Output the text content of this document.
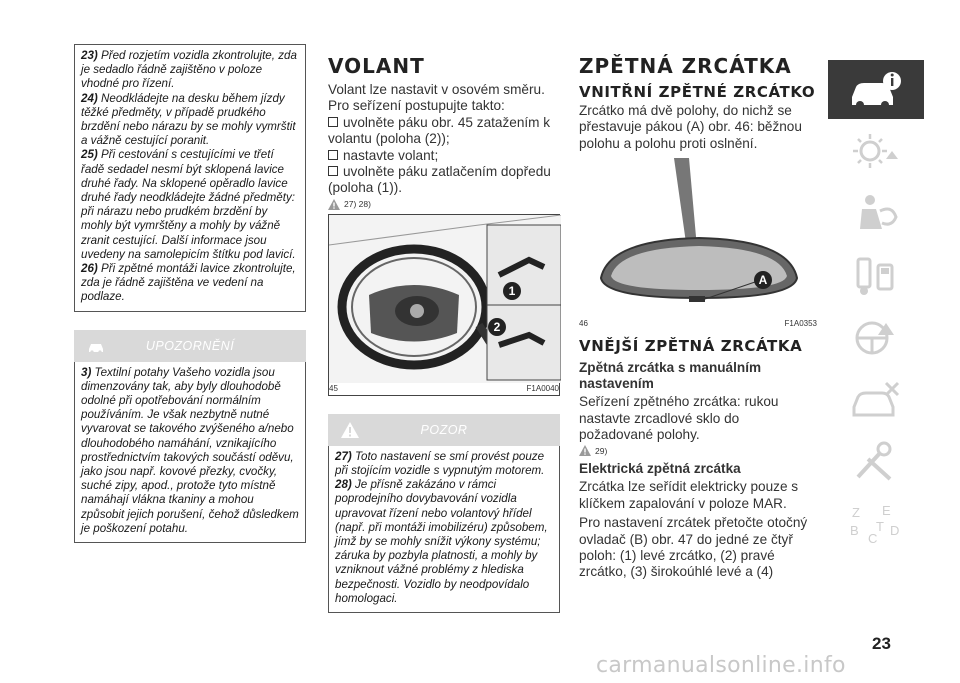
23) Před rozjetím vozidla zkontrolujte, zda je sedadlo řádně zajištěno v poloze vhodné pro řízení.

24) Neodkládejte na desku během jízdy těžké předměty, v případě prudkého brzdění nebo nárazu by se mohly vymrštit a vážně cestující poranit.

25) Při cestování s cestujícími ve třetí řadě sedadel nesmí být sklopená lavice druhé řady. Na sklopené opěradlo lavice druhé řady neodkládejte žádné předměty: při nárazu nebo prudkém brzdění by mohly být vymrštěny a mohly by vážně zranit cestující. Další informace jsou uvedeny na samolepicím štítku pod lavicí.

26) Při zpětné montáži lavice zkontrolujte, zda je řádně zajištěna ve vedení na podlaze.

UPOZORNĚNÍ

3) Textilní potahy Vašeho vozidla jsou dimenzovány tak, aby byly dlouhodobě odolné při opotřebování normálním používáním. Je však nezbytně nutné vyvarovat se takového zvýšeného a/nebo dlouhodobého namáhání, vznikajícího prostřednictvím takových součástí oděvu, jako jsou např. kovové přezky, cvočky, suché zipy, apod., protože tyto místně namáhají vlákna tkaniny a mohou způsobit jejich porušení, čehož důsledkem je poškození potahu.

VOLANT

Volant lze nastavit v osovém směru. Pro seřízení postupujte takto:

uvolněte páku obr. 45 zatažením k volantu (poloha (2));

nastavte volant;

uvolněte páku zatlačením dopředu (poloha (1)).

27) 28)
1
2
45	F1A0040
POZOR

27) Toto nastavení se smí provést pouze při stojícím vozidle s vypnutým motorem.

28) Je přísně zakázáno v rámci poprodejního dovybavování vozidla upravovat řízení nebo volantový hřídel (např. při montáži imobilizéru) způsobem, jímž by se mohly snížit výkony systému; záruka by pozbyla platnosti, a mohly by vzniknout vážné problémy z hlediska bezpečnosti. Vozidlo by neodpovídalo homologaci.

ZPĚTNÁ ZRCÁTKA
VNITŘNÍ ZPĚTNÉ ZRCÁTKO

Zrcátko má dvě polohy, do nichž se přestavuje pákou (A) obr. 46: běžnou polohu a polohu proti oslnění.

A
46	F1A0353
VNĚJŠÍ ZPĚTNÁ ZRCÁTKA
Zpětná zrcátka s manuálním nastavením

Seřízení zpětného zrcátka: rukou nastavte zrcadlové sklo do požadované polohy.

29)
Elektrická zpětná zrcátka

Zrcátka lze seřídit elektricky pouze s klíčkem zapalování v poloze MAR.

Pro nastavení zrcátek přetočte otočný ovladač (B) obr. 47 do jedné ze čtyř poloh: (1) levé zrcátko, (2) pravé zrcátko, (3) širokoúhlé levé a (4)

Z E
B
C
T D
23
carmanualsonline.info
